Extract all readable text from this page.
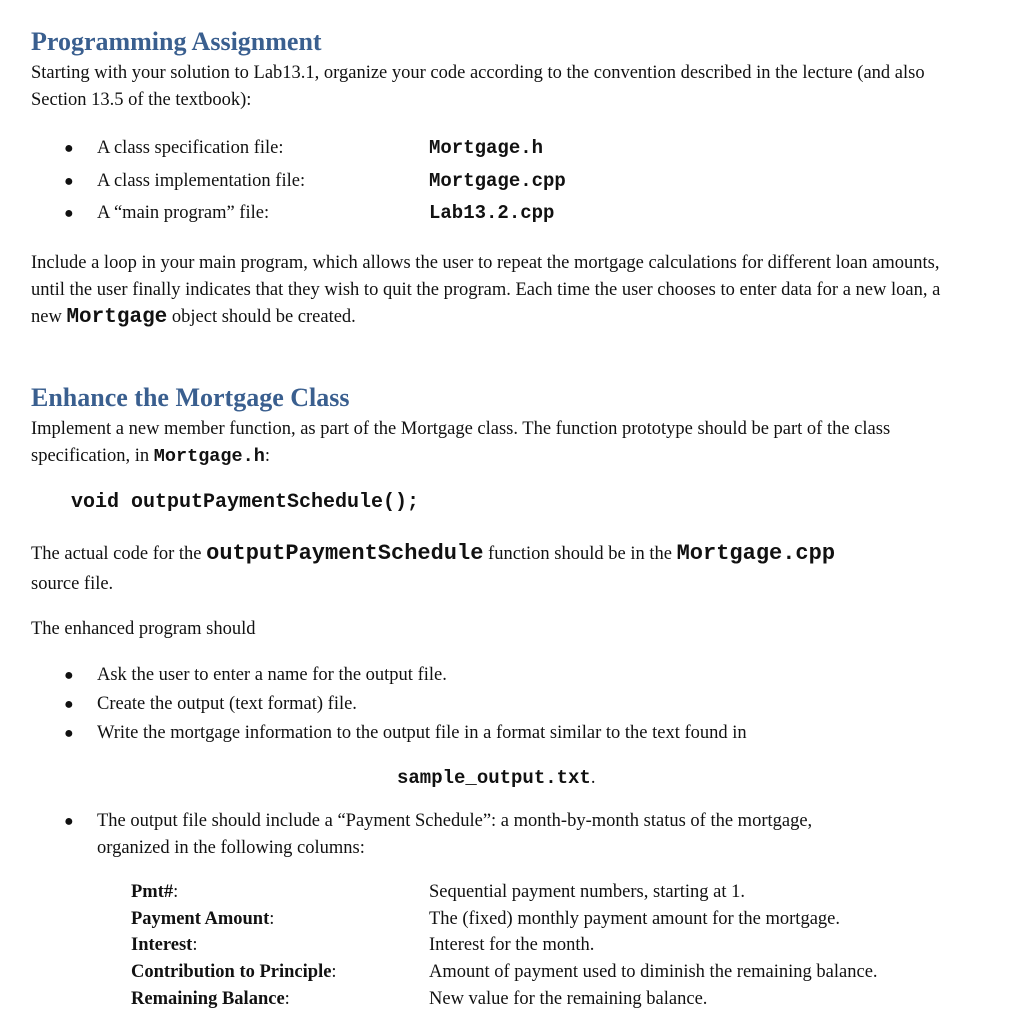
Programming Assignment

Starting with your solution to Lab13.1, organize your code according to the convention described in the lecture (and also Section 13.5 of the textbook):

● A class specification file:	Mortgage.h
● A class implementation file:	Mortgage.cpp
● A “main program” file:	Lab13.2.cpp

Include a loop in your main program, which allows the user to repeat the mortgage calculations for different loan amounts, until the user finally indicates that they wish to quit the program. Each time the user chooses to enter data for a new loan, a new Mortgage object should be created.

Enhance the Mortgage Class

Implement a new member function, as part of the Mortgage class. The function prototype should be part of the class specification, in Mortgage.h:

void outputPaymentSchedule();

The actual code for the outputPaymentSchedule function should be in the Mortgage.cpp

source file.

The enhanced program should

● Ask the user to enter a name for the output file.
● Create the output (text format) file.
● Write the mortgage information to the output file in a format similar to the text found in
sample_output.txt.
● The output file should include a “Payment Schedule”: a month-by-month status of the mortgage,
organized in the following columns:
Pmt#:	Sequential payment numbers, starting at 1.
Payment Amount:	The (fixed) monthly payment amount for the mortgage.
Interest:	Interest for the month.
Contribution to Principle:	Amount of payment used to diminish the remaining balance.
Remaining Balance:	New value for the remaining balance.
